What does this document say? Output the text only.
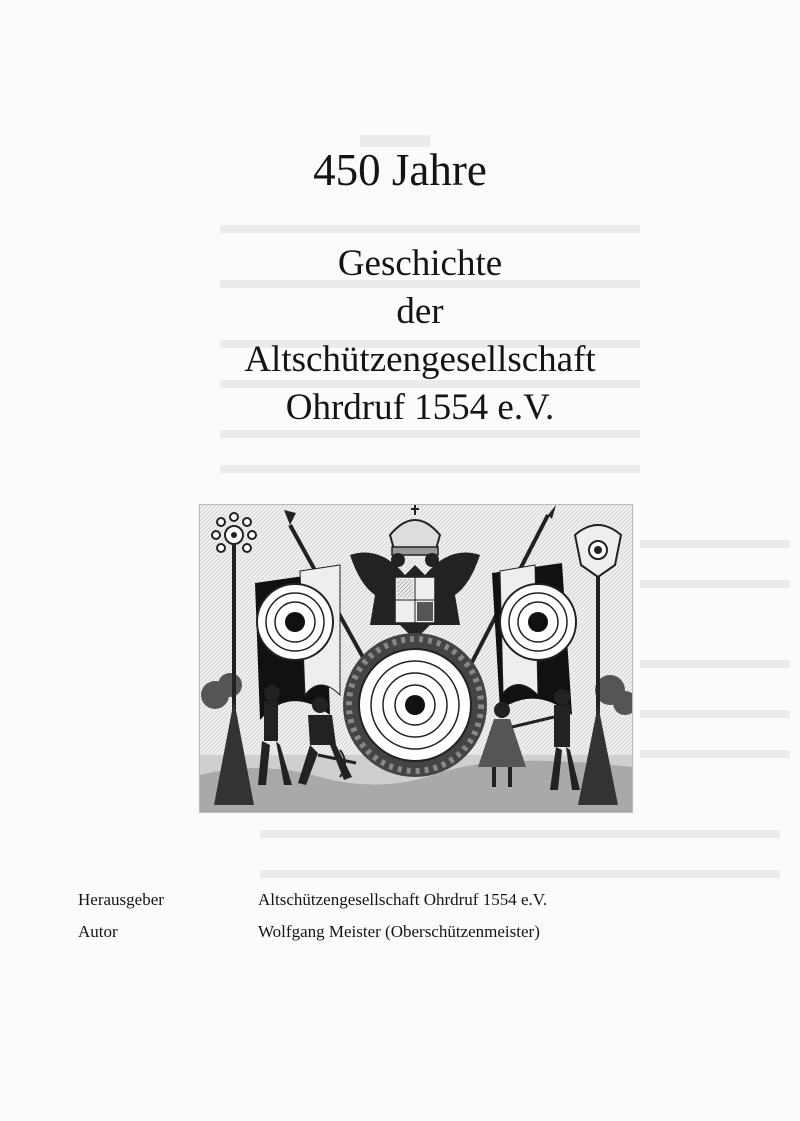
450 Jahre
Geschichte
der
Altschützengesellschaft
Ohrdruf 1554 e.V.
Herausgeber	Altschützengesellschaft Ohrdruf 1554 e.V.
Autor	Wolfgang Meister (Oberschützenmeister)
